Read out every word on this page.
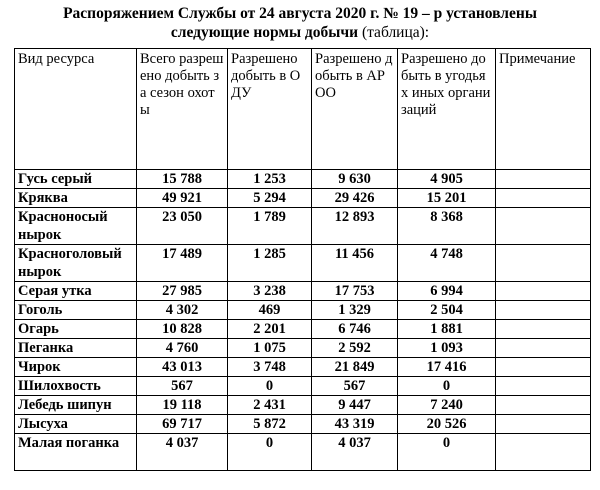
Распоряжением Службы от 24 августа 2020 г. № 19 – р установлены
следующие нормы добычи (таблица):
Вид ресурса	Всего разрешено добыть за сезон охоты	Разрешено добыть в ОДУ	Разрешено добыть в АРОО	Разрешено добыть в угодьях иных организаций	Примечание
Гусь серый	15 788	1 253	9 630	4 905	
Кряква	49 921	5 294	29 426	15 201	
Красноносый нырок	23 050	1 789	12 893	8 368	
Красноголовый нырок	17 489	1 285	11 456	4 748	
Серая утка	27 985	3 238	17 753	6 994	
Гоголь	4 302	469	1 329	2 504	
Огарь	10 828	2 201	6 746	1 881	
Пеганка	4 760	1 075	2 592	1 093	
Чирок	43 013	3 748	21 849	17 416	
Шилохвость	567	0	567	0	
Лебедь шипун	19 118	2 431	9 447	7 240	
Лысуха	69 717	5 872	43 319	20 526	
Малая поганка	4 037	0	4 037	0	
